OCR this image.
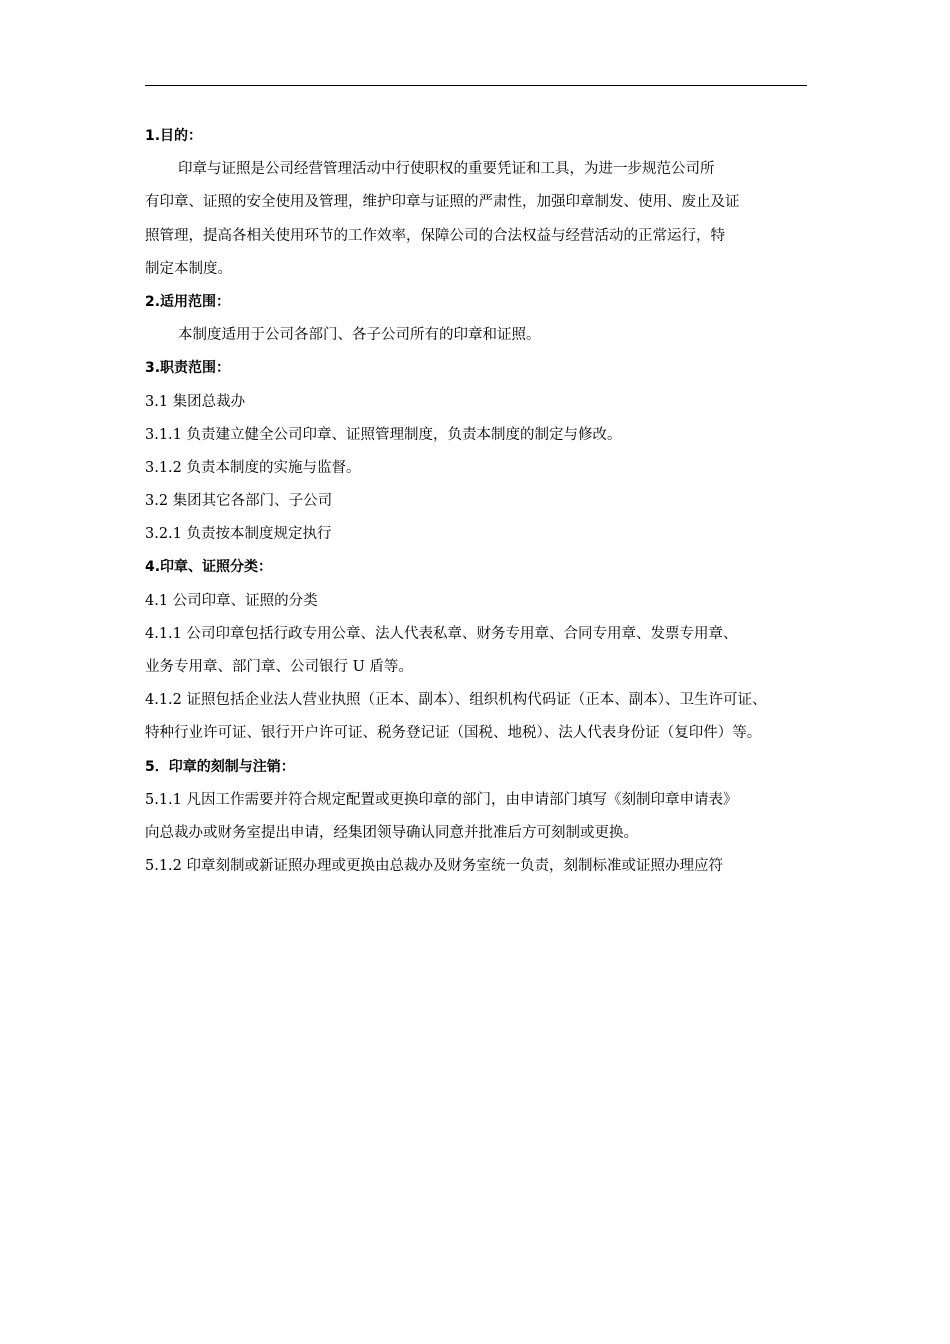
1.目的：
印章与证照是公司经营管理活动中行使职权的重要凭证和工具，为进一步规范公司所
有印章、证照的安全使用及管理，维护印章与证照的严肃性，加强印章制发、使用、废止及证
照管理，提高各相关使用环节的工作效率，保障公司的合法权益与经营活动的正常运行，特
制定本制度。
2.适用范围：
本制度适用于公司各部门、各子公司所有的印章和证照。
3.职责范围：
3.1 集团总裁办
3.1.1 负责建立健全公司印章、证照管理制度，负责本制度的制定与修改。
3.1.2 负责本制度的实施与监督。
3.2 集团其它各部门、子公司
3.2.1 负责按本制度规定执行
4.印章、证照分类：
4.1 公司印章、证照的分类
4.1.1 公司印章包括行政专用公章、法人代表私章、财务专用章、合同专用章、发票专用章、
业务专用章、部门章、公司银行 U 盾等。
4.1.2 证照包括企业法人营业执照（正本、副本）、组织机构代码证（正本、副本）、卫生许可证、
特种行业许可证、银行开户许可证、税务登记证（国税、地税）、法人代表身份证（复印件）等。
5．印章的刻制与注销：
5.1.1 凡因工作需要并符合规定配置或更换印章的部门，由申请部门填写《刻制印章申请表》
向总裁办或财务室提出申请，经集团领导确认同意并批准后方可刻制或更换。
5.1.2 印章刻制或新证照办理或更换由总裁办及财务室统一负责，刻制标准或证照办理应符
